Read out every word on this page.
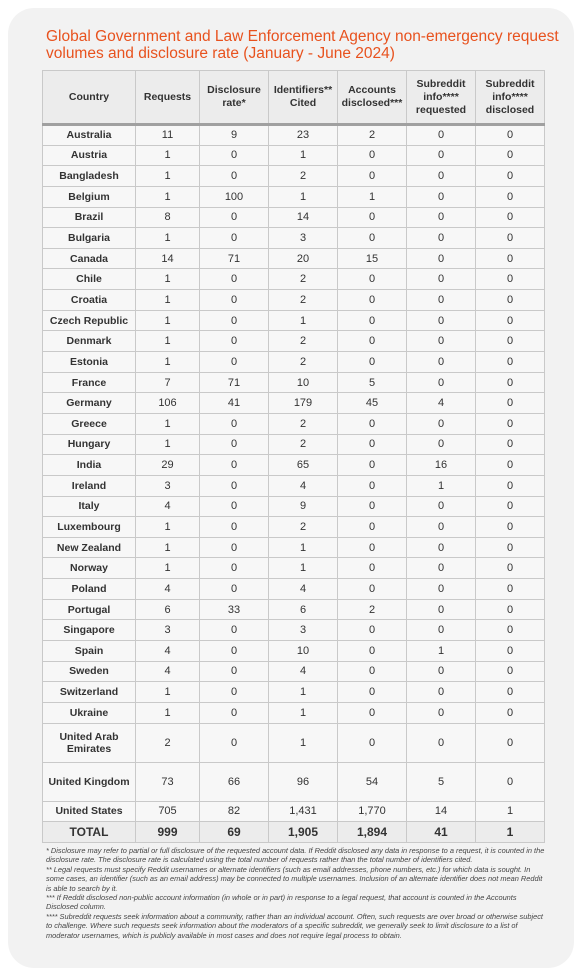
Global Government and Law Enforcement Agency non-emergency request volumes and disclosure rate (January - June 2024)
Country	Requests	Disclosure rate*	Identifiers** Cited	Accounts disclosed***	Subreddit info**** requested	Subreddit info**** disclosed
Australia	11	9	23	2	0	0
Austria	1	0	1	0	0	0
Bangladesh	1	0	2	0	0	0
Belgium	1	100	1	1	0	0
Brazil	8	0	14	0	0	0
Bulgaria	1	0	3	0	0	0
Canada	14	71	20	15	0	0
Chile	1	0	2	0	0	0
Croatia	1	0	2	0	0	0
Czech Republic	1	0	1	0	0	0
Denmark	1	0	2	0	0	0
Estonia	1	0	2	0	0	0
France	7	71	10	5	0	0
Germany	106	41	179	45	4	0
Greece	1	0	2	0	0	0
Hungary	1	0	2	0	0	0
India	29	0	65	0	16	0
Ireland	3	0	4	0	1	0
Italy	4	0	9	0	0	0
Luxembourg	1	0	2	0	0	0
New Zealand	1	0	1	0	0	0
Norway	1	0	1	0	0	0
Poland	4	0	4	0	0	0
Portugal	6	33	6	2	0	0
Singapore	3	0	3	0	0	0
Spain	4	0	10	0	1	0
Sweden	4	0	4	0	0	0
Switzerland	1	0	1	0	0	0
Ukraine	1	0	1	0	0	0
United Arab Emirates	2	0	1	0	0	0
United Kingdom	73	66	96	54	5	0
United States	705	82	1,431	1,770	14	1
TOTAL	999	69	1,905	1,894	41	1

* Disclosure may refer to partial or full disclosure of the requested account data. If Reddit disclosed any data in response to a request, it is counted in the disclosure rate. The disclosure rate is calculated using the total number of requests rather than the total number of identifiers cited.

** Legal requests must specify Reddit usernames or alternate identifiers (such as email addresses, phone numbers, etc.) for which data is sought. In some cases, an identifier (such as an email address) may be connected to multiple usernames. Inclusion of an alternate identifier does not mean Reddit is able to search by it.

*** If Reddit disclosed non-public account information (in whole or in part) in response to a legal request, that account is counted in the Accounts Disclosed column.

**** Subreddit requests seek information about a community, rather than an individual account. Often, such requests are over broad or otherwise subject to challenge. Where such requests seek information about the moderators of a specific subreddit, we generally seek to limit disclosure to a list of moderator usernames, which is publicly available in most cases and does not require legal process to obtain.
